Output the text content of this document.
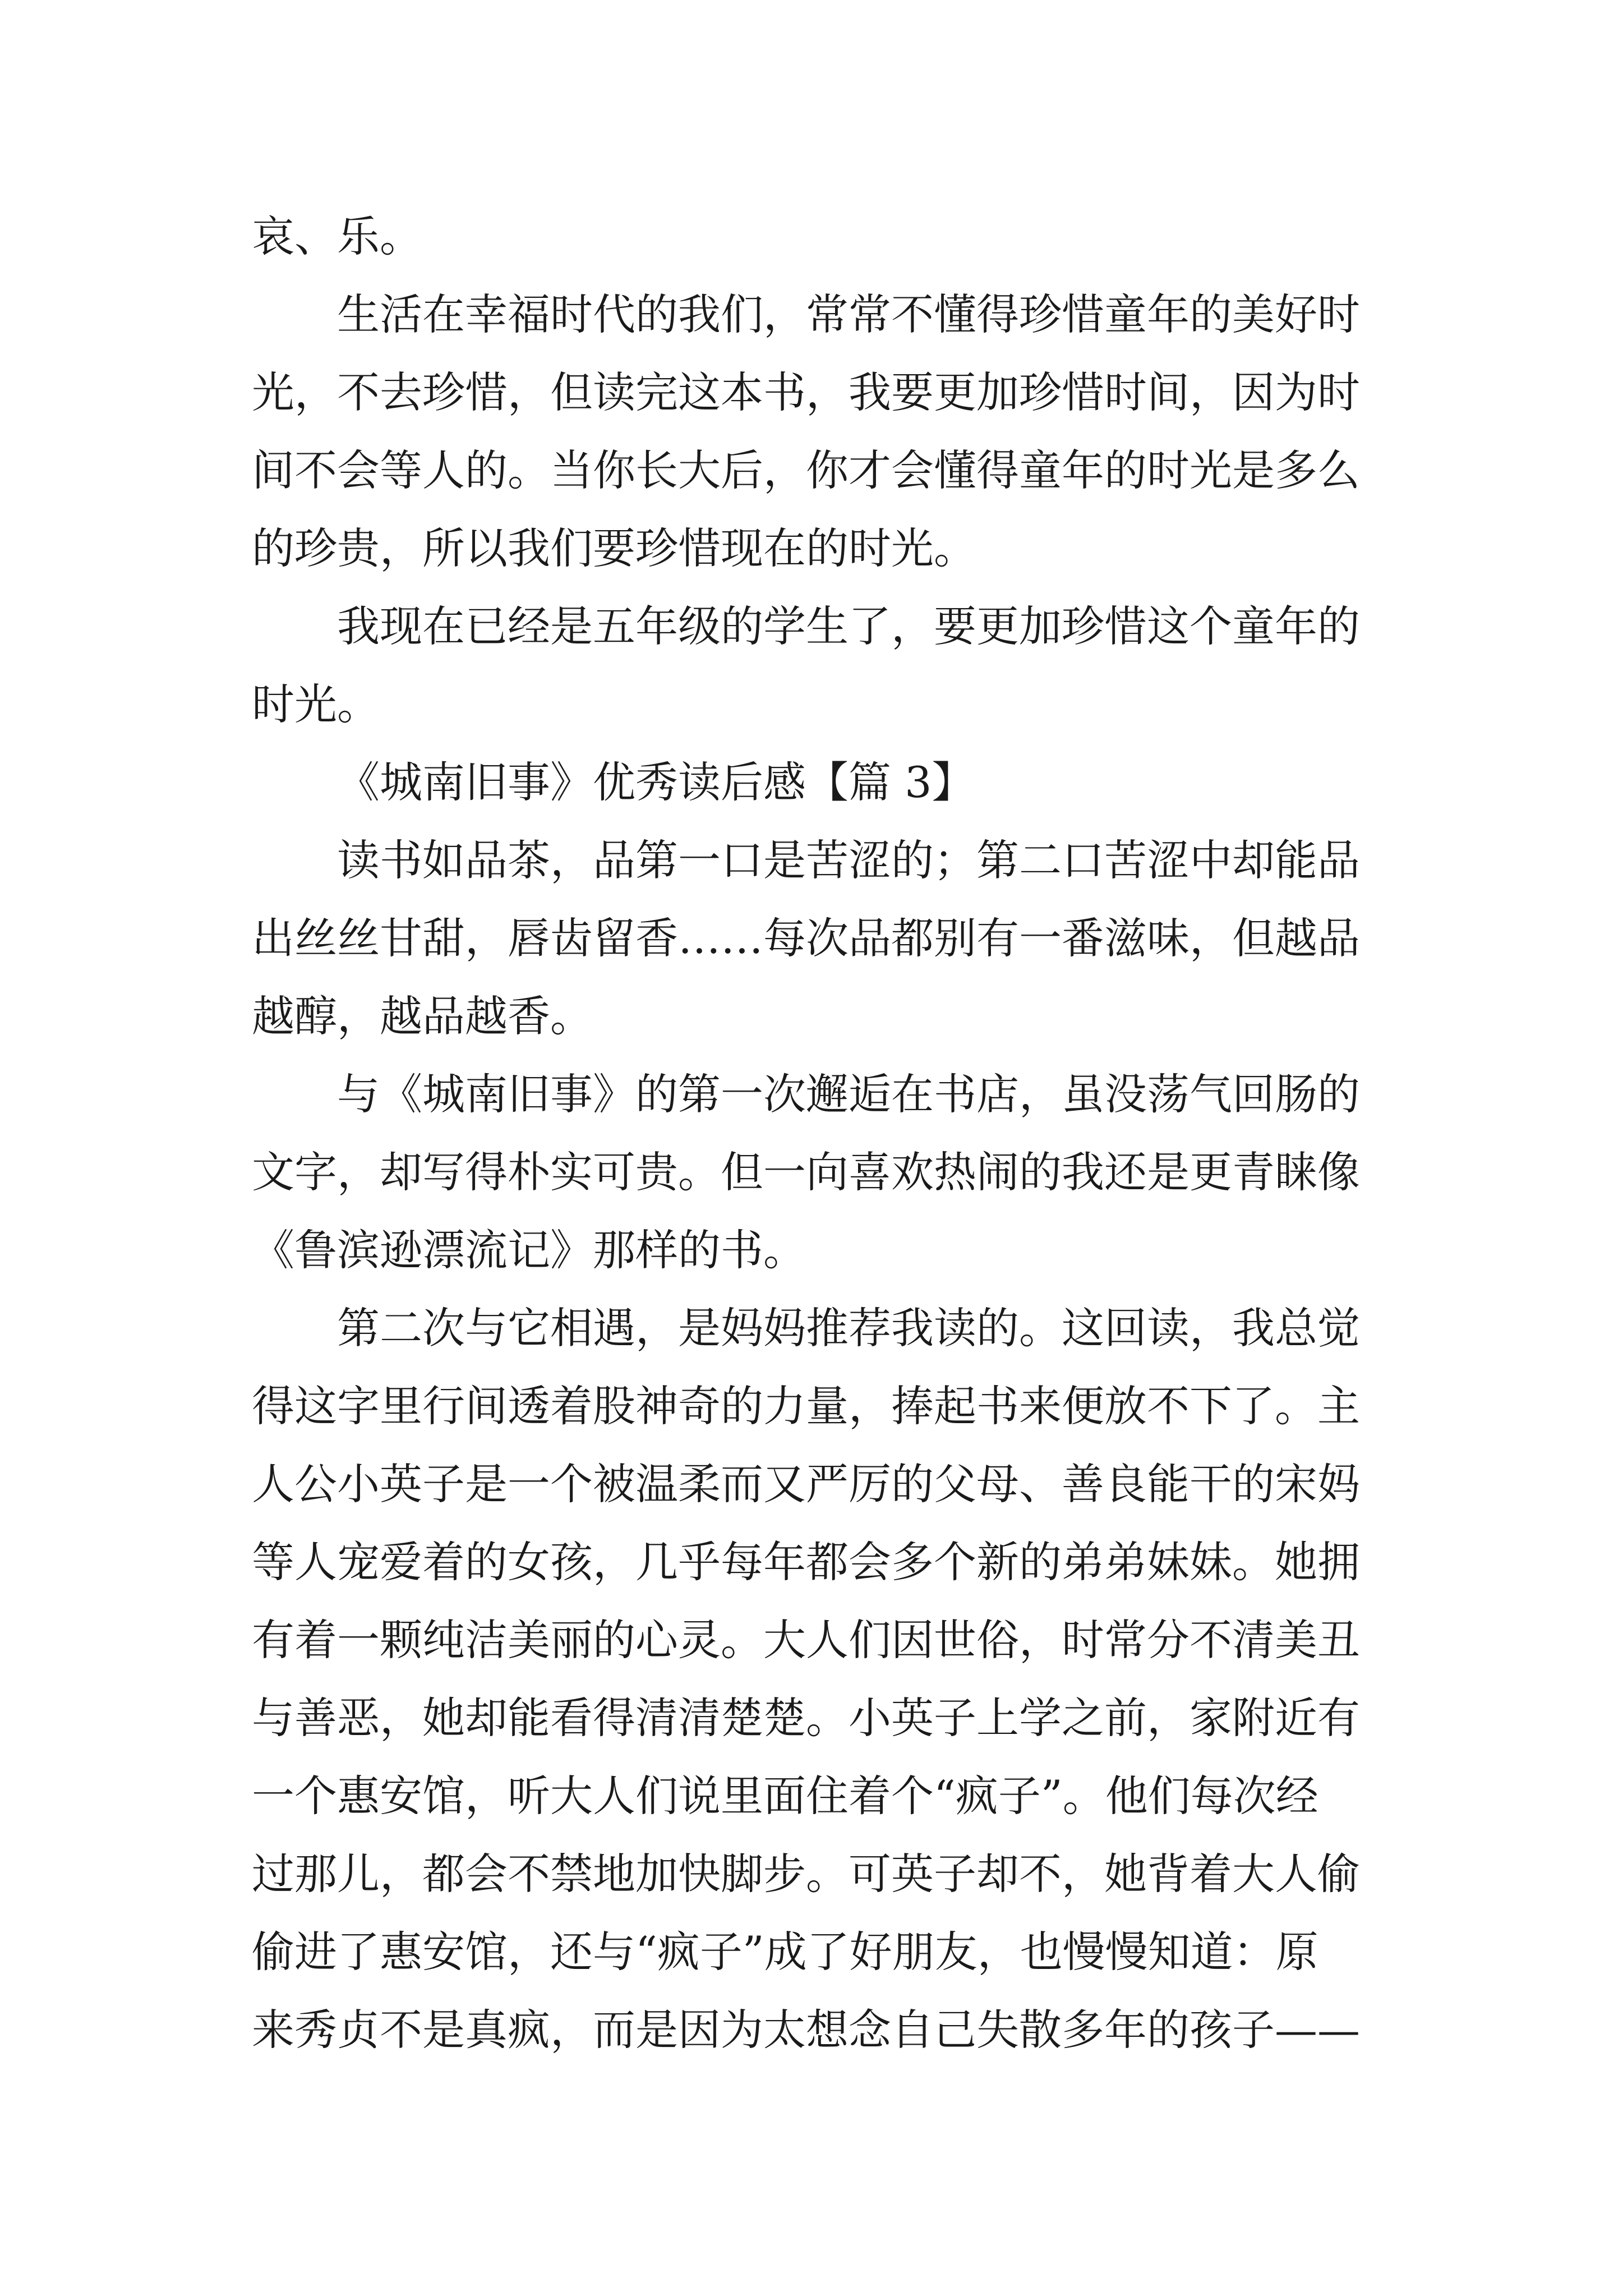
哀、乐。
生活在幸福时代的我们，常常不懂得珍惜童年的美好时
光，不去珍惜，但读完这本书，我要更加珍惜时间，因为时
间不会等人的。当你长大后，你才会懂得童年的时光是多么
的珍贵，所以我们要珍惜现在的时光。
我现在已经是五年级的学生了，要更加珍惜这个童年的
时光。
《城南旧事》优秀读后感【篇 3】
读书如品茶，品第一口是苦涩的；第二口苦涩中却能品
出丝丝甘甜，唇齿留香……每次品都别有一番滋味，但越品
越醇，越品越香。
与《城南旧事》的第一次邂逅在书店，虽没荡气回肠的
文字，却写得朴实可贵。但一向喜欢热闹的我还是更青睐像
《鲁滨逊漂流记》那样的书。
第二次与它相遇，是妈妈推荐我读的。这回读，我总觉
得这字里行间透着股神奇的力量，捧起书来便放不下了。主
人公小英子是一个被温柔而又严厉的父母、善良能干的宋妈
等人宠爱着的女孩，几乎每年都会多个新的弟弟妹妹。她拥
有着一颗纯洁美丽的心灵。大人们因世俗，时常分不清美丑
与善恶，她却能看得清清楚楚。小英子上学之前，家附近有
一个惠安馆，听大人们说里面住着个“疯子”。他们每次经
过那儿，都会不禁地加快脚步。可英子却不，她背着大人偷
偷进了惠安馆，还与“疯子”成了好朋友，也慢慢知道：原
来秀贞不是真疯，而是因为太想念自己失散多年的孩子——
